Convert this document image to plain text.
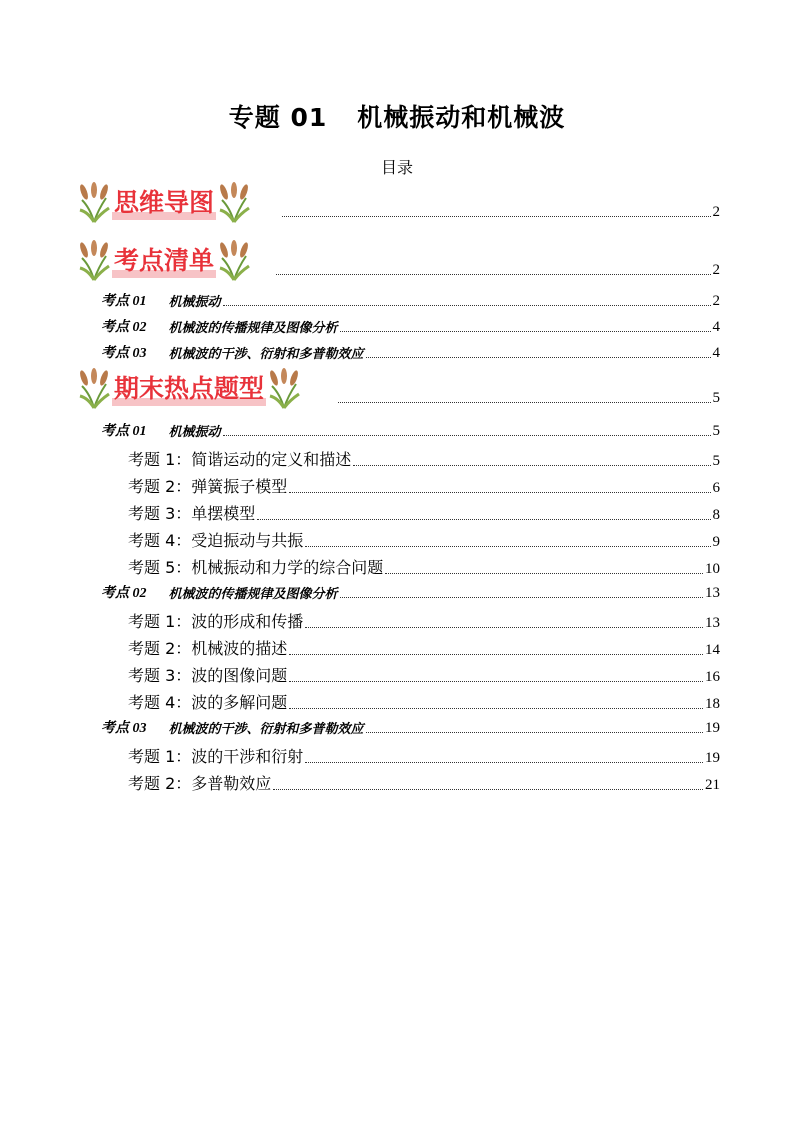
专题 01 机械振动和机械波
目录
思维导图	2
考点清单	2
考点 01 机械振动	2
考点 02 机械波的传播规律及图像分析	4
考点 03 机械波的干涉、衍射和多普勒效应	4
期末热点题型	5
考点 01 机械振动	5
考题 1：简谐运动的定义和描述	5
考题 2：弹簧振子模型	6
考题 3：单摆模型	8
考题 4：受迫振动与共振	9
考题 5：机械振动和力学的综合问题	10
考点 02 机械波的传播规律及图像分析	13
考题 1：波的形成和传播	13
考题 2：机械波的描述	14
考题 3：波的图像问题	16
考题 4：波的多解问题	18
考点 03 机械波的干涉、衍射和多普勒效应	19
考题 1：波的干涉和衍射	19
考题 2：多普勒效应	21
